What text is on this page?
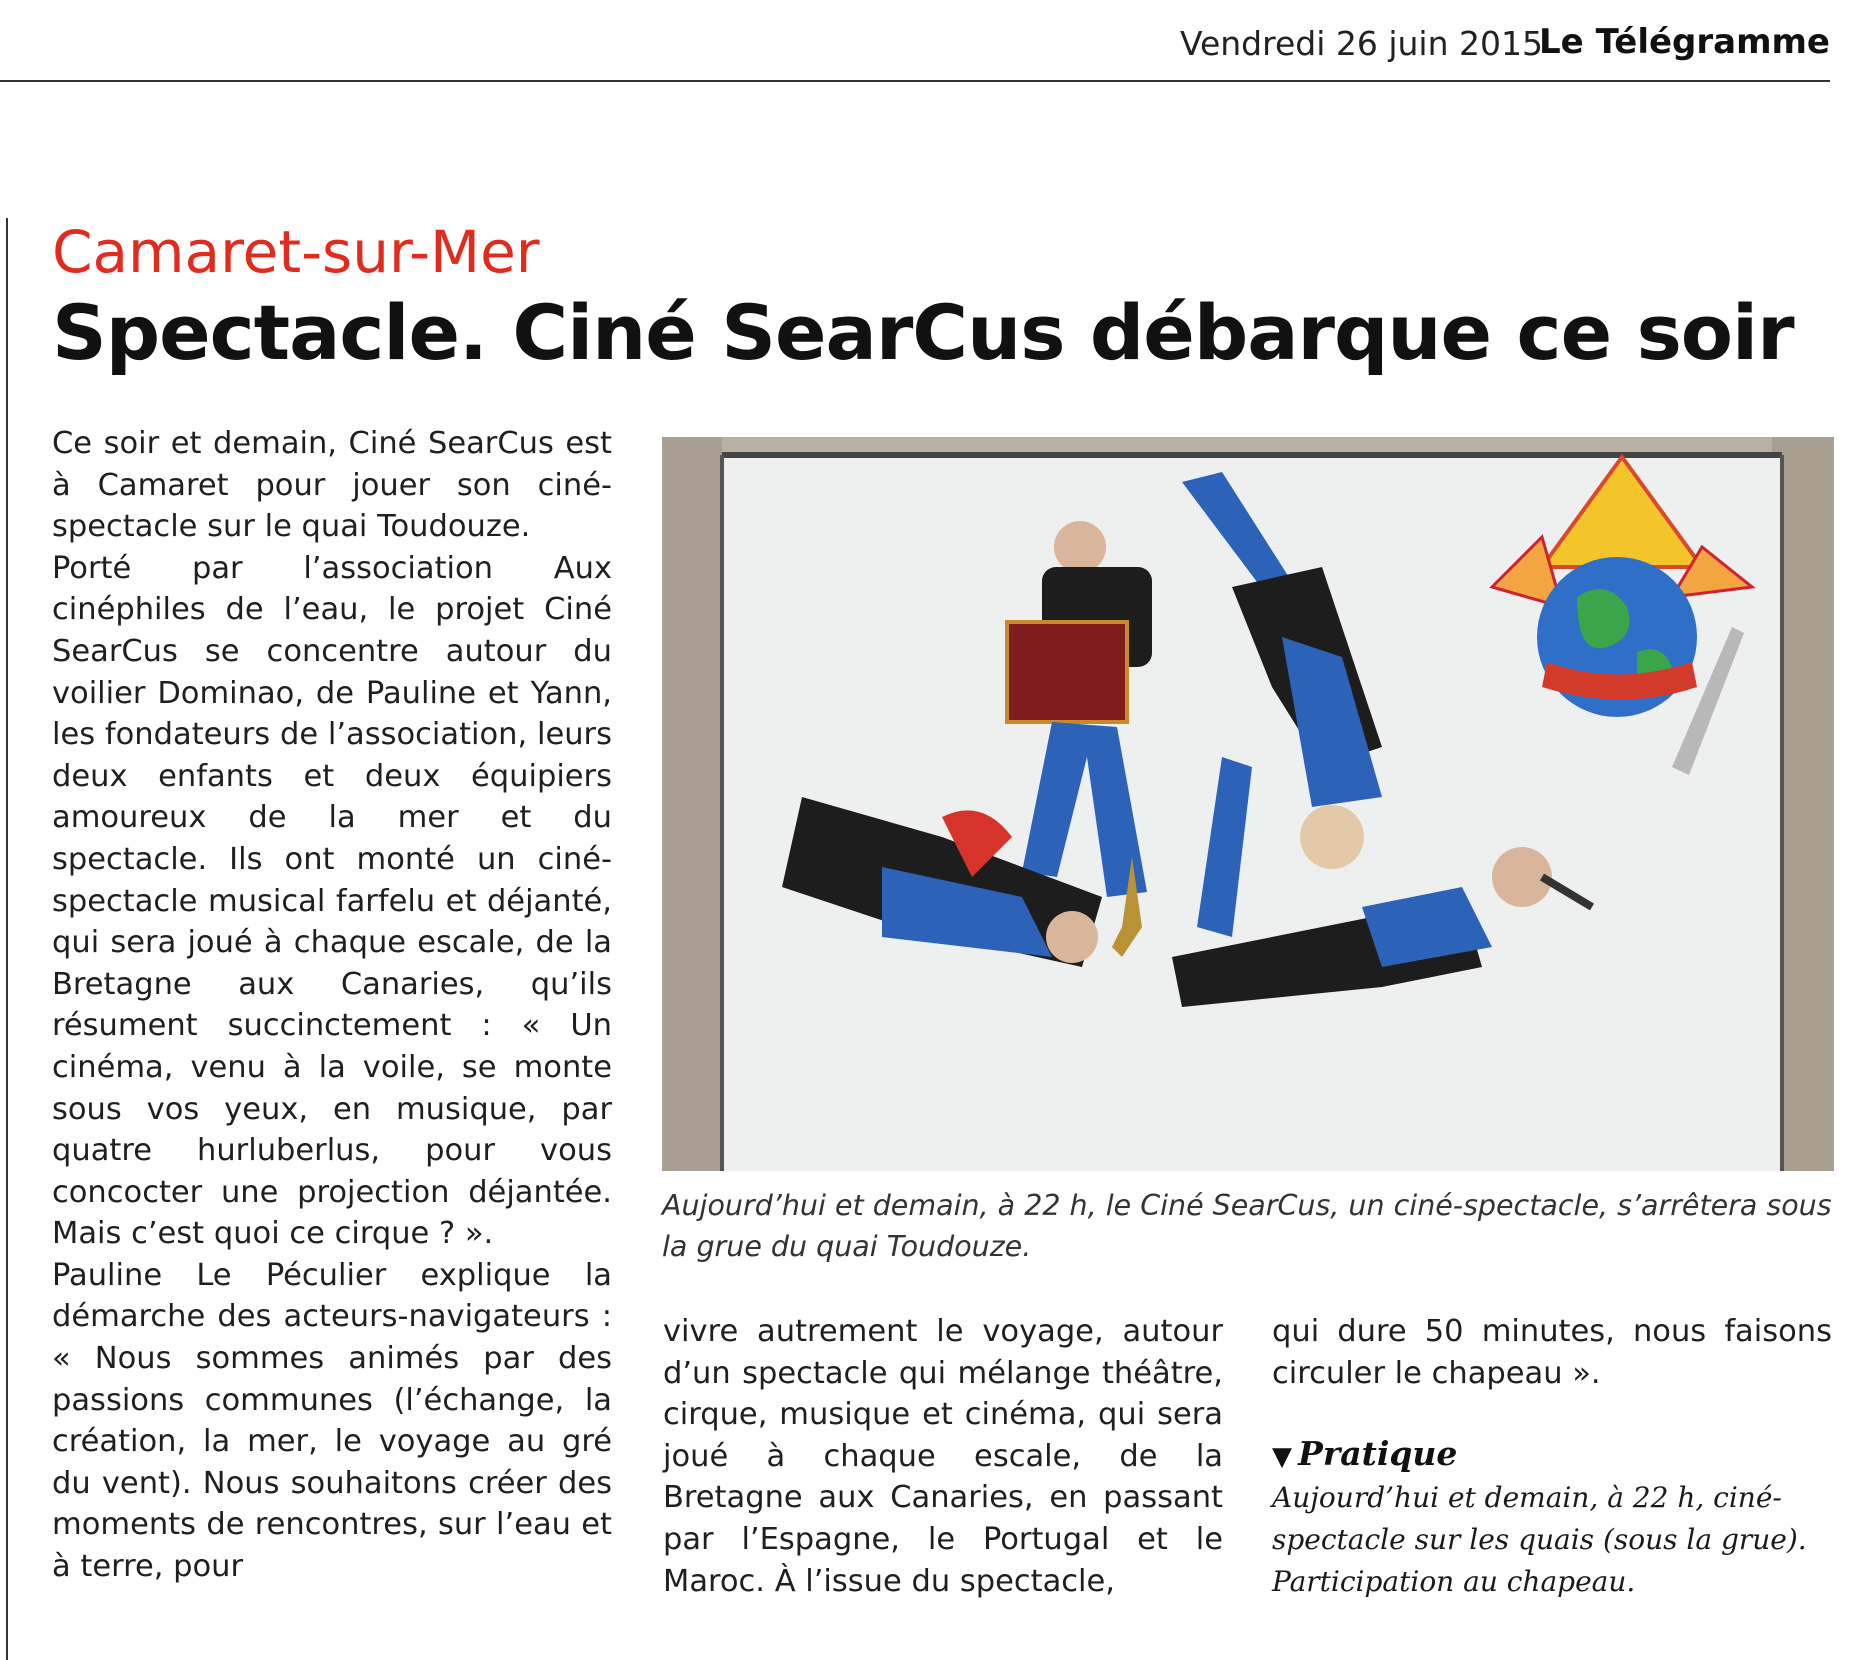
Vendredi 26 juin 2015
Le Télégramme
Camaret-sur-Mer
Spectacle. Ciné SearCus débarque ce soir

Ce soir et demain, Ciné SearCus est à Camaret pour jouer son ciné-spectacle sur le quai Toudouze.

Porté par l’association Aux cinéphiles de l’eau, le projet Ciné SearCus se concentre autour du voilier Dominao, de Pauline et Yann, les fondateurs de l’association, leurs deux enfants et deux équipiers amoureux de la mer et du spectacle. Ils ont monté un ciné-spectacle musical farfelu et déjanté, qui sera joué à chaque escale, de la Bretagne aux Canaries, qu’ils résument succinctement : « Un cinéma, venu à la voile, se monte sous vos yeux, en musique, par quatre hurluberlus, pour vous concocter une projection déjantée. Mais c’est quoi ce cirque ? ».

Pauline Le Péculier explique la démarche des acteurs-navigateurs : « Nous sommes animés par des passions communes (l’échange, la création, la mer, le voyage au gré du vent). Nous souhaitons créer des moments de rencontres, sur l’eau et à terre, pour

Aujourd’hui et demain, à 22 h, le Ciné SearCus, un ciné-spectacle, s’arrêtera sous la grue du quai Toudouze.

vivre autrement le voyage, autour d’un spectacle qui mélange théâtre, cirque, musique et cinéma, qui sera joué à chaque escale, de la Bretagne aux Canaries, en passant par l’Espagne, le Portugal et le Maroc. À l’issue du spectacle,

qui dure 50 minutes, nous faisons circuler le chapeau ».

▼ Pratique
Aujourd’hui et demain, à 22 h, ciné-spectacle sur les quais (sous la grue). Participation au chapeau.
